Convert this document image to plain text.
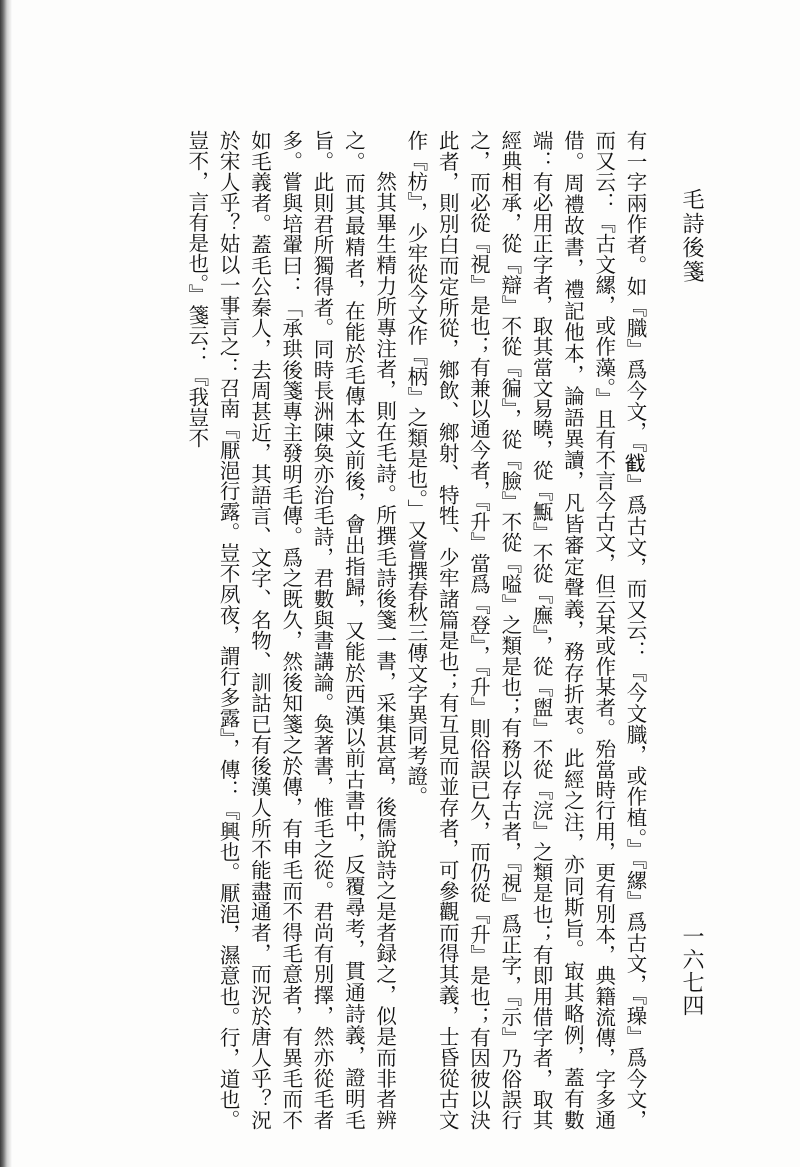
毛詩後箋
一六七四

有一字兩作者。如『膱』爲今文，『𢧵』爲古文，而又云：『今文膱，或作植。』『縲』爲古文，『璪』爲今文，而又云：『古文縲，或作藻。』且有不言今古文，但云某或作某者。殆當時行用，更有別本，典籍流傳，字多通借。周禮故書，禮記他本，論語異讀，凡皆審定聲義，務存折衷。此經之注，亦同斯旨。㝡其略例，蓋有數端：有必用正字者，取其當文易曉，從『甒』不從『廡』，從『盥』不從『浣』之類是也；有即用借字者，取其經典相承，從『辯』不從『徧』，從『臉』不從『嗌』之類是也；有務以存古者，『視』爲正字，『示』乃俗誤行之，而必從『視』是也；有兼以通今者，『升』當爲『登』，『升』則俗誤已久，而仍從『升』是也；有因彼以決此者，則別白而定所從，鄉飲、鄉射、特牲、少牢諸篇是也；有互見而並存者，可參觀而得其義，士昏從古文作『枋』，少牢從今文作『柄』之類是也。」又嘗撰春秋三傳文字異同考證。

然其畢生精力所專注者，則在毛詩。所撰毛詩後箋一書，采集甚富，後儒說詩之是者録之，似是而非者辨之。而其最精者，在能於毛傳本文前後，會出指歸，又能於西漢以前古書中，反覆尋考，貫通詩義，證明毛旨。此則君所獨得者。同時長洲陳奐亦治毛詩，君數與書講論。奐著書，惟毛之從。君尚有別擇，然亦從毛者多。嘗與培翬曰：「承珙後箋專主發明毛傳。爲之既久，然後知箋之於傳，有申毛而不得毛意者，有異毛而不如毛義者。蓋毛公秦人，去周甚近，其語言、文字、名物、訓詁已有後漢人所不能盡通者，而況於唐人乎？況於宋人乎？姑以一事言之：召南『厭浥行露。豈不夙夜，謂行多露』，傳：『興也。厭浥，濕意也。行，道也。豈不，言有是也。』箋云：『我豈不
